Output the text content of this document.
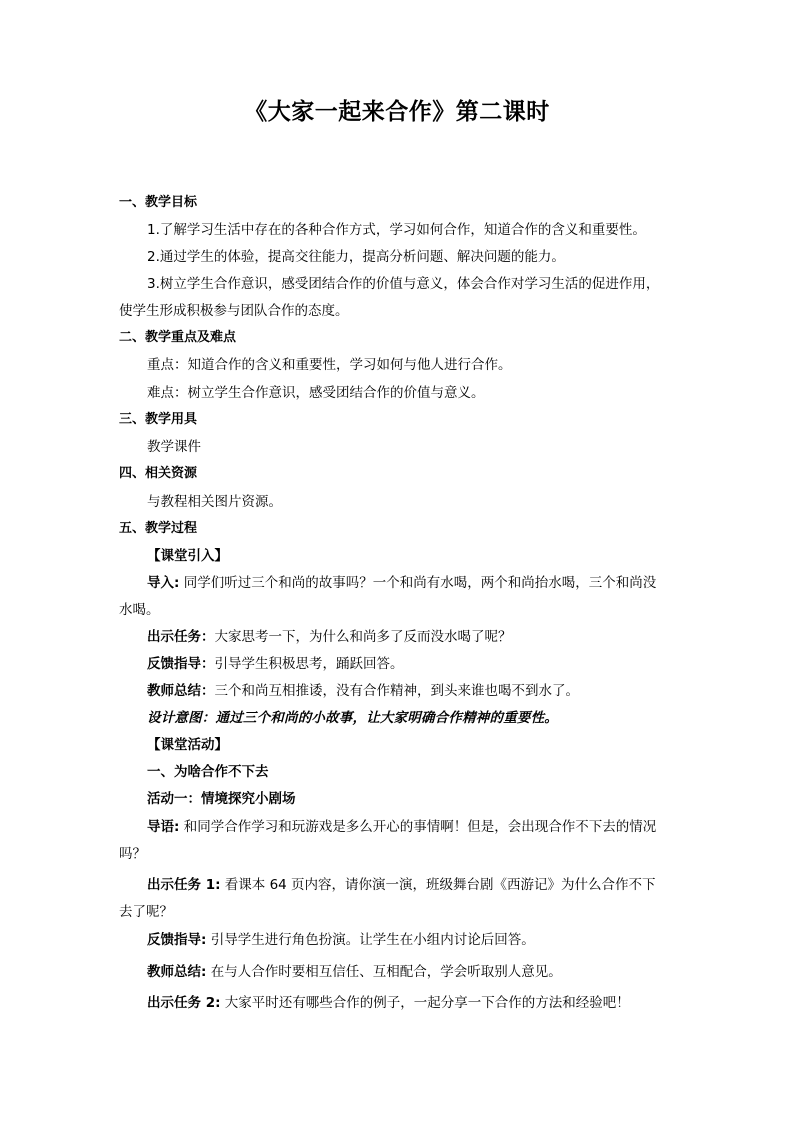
《大家一起来合作》第二课时
一、教学目标
1.了解学习生活中存在的各种合作方式，学习如何合作，知道合作的含义和重要性。
2.通过学生的体验，提高交往能力，提高分析问题、解决问题的能力。
3.树立学生合作意识，感受团结合作的价值与意义，体会合作对学习生活的促进作用，
使学生形成积极参与团队合作的态度。
二、教学重点及难点
重点：知道合作的含义和重要性，学习如何与他人进行合作。
难点：树立学生合作意识，感受团结合作的价值与意义。
三、教学用具
教学课件
四、相关资源
与教程相关图片资源。
五、教学过程
【课堂引入】
导入: 同学们听过三个和尚的故事吗？一个和尚有水喝，两个和尚抬水喝，三个和尚没
水喝。
出示任务：大家思考一下，为什么和尚多了反而没水喝了呢？
反馈指导：引导学生积极思考，踊跃回答。
教师总结：三个和尚互相推诿，没有合作精神，到头来谁也喝不到水了。
设计意图：通过三个和尚的小故事，让大家明确合作精神的重要性。
【课堂活动】
一、为啥合作不下去
活动一：情境探究小剧场
导语: 和同学合作学习和玩游戏是多么开心的事情啊！但是，会出现合作不下去的情况
吗？
出示任务 1: 看课本 64 页内容，请你演一演，班级舞台剧《西游记》为什么合作不下
去了呢？
反馈指导: 引导学生进行角色扮演。让学生在小组内讨论后回答。
教师总结: 在与人合作时要相互信任、互相配合，学会听取别人意见。
出示任务 2: 大家平时还有哪些合作的例子，一起分享一下合作的方法和经验吧！
